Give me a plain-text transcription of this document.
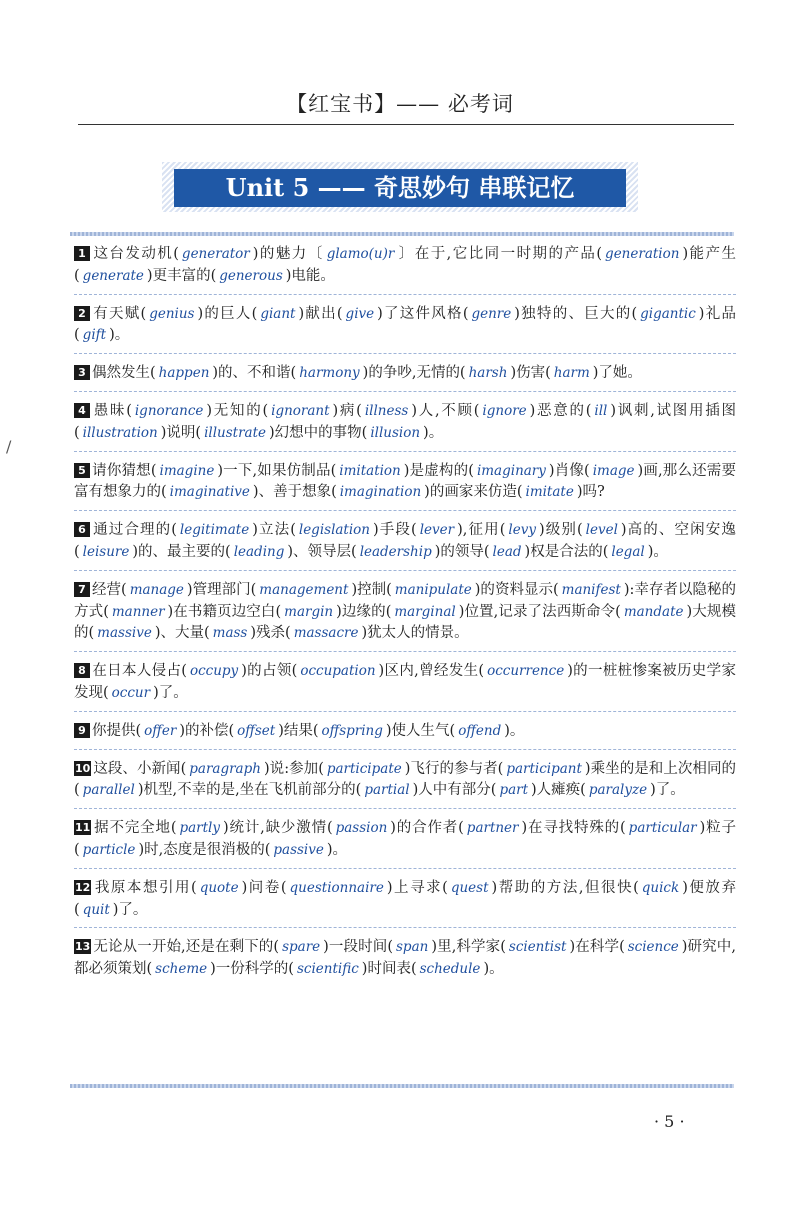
【红宝书】—— 必考词
Unit 5 —— 奇思妙句 串联记忆
/
1 这台发动机( generator )的魅力〔 glamo(u)r 〕在于,它比同一时期的产品( generation )能产生( generate )更丰富的( generous )电能。
2 有天赋( genius )的巨人( giant )献出( give )了这件风格( genre )独特的、巨大的( gigantic )礼品( gift )。
3 偶然发生( happen )的、不和谐( harmony )的争吵,无情的( harsh )伤害( harm )了她。
4 愚昧( ignorance )无知的( ignorant )病( illness )人,不顾( ignore )恶意的( ill )讽刺,试图用插图( illustration )说明( illustrate )幻想中的事物( illusion )。
5 请你猜想( imagine )一下,如果仿制品( imitation )是虚构的( imaginary )肖像( image )画,那么还需要富有想象力的( imaginative )、善于想象( imagination )的画家来仿造( imitate )吗?
6 通过合理的( legitimate )立法( legislation )手段( lever ),征用( levy )级别( level )高的、空闲安逸( leisure )的、最主要的( leading )、领导层( leadership )的领导( lead )权是合法的( legal )。
7 经营( manage )管理部门( management )控制( manipulate )的资料显示( manifest ):幸存者以隐秘的方式( manner )在书籍页边空白( margin )边缘的( marginal )位置,记录了法西斯命令( mandate )大规模的( massive )、大量( mass )残杀( massacre )犹太人的情景。
8 在日本人侵占( occupy )的占领( occupation )区内,曾经发生( occurrence )的一桩桩惨案被历史学家发现( occur )了。
9 你提供( offer )的补偿( offset )结果( offspring )使人生气( offend )。
10 这段、小新闻( paragraph )说:参加( participate )飞行的参与者( participant )乘坐的是和上次相同的( parallel )机型,不幸的是,坐在飞机前部分的( partial )人中有部分( part )人瘫痪( paralyze )了。
11 据不完全地( partly )统计,缺少激情( passion )的合作者( partner )在寻找特殊的( particular )粒子( particle )时,态度是很消极的( passive )。
12 我原本想引用( quote )问卷( questionnaire )上寻求( quest )帮助的方法,但很快( quick )便放弃( quit )了。
13 无论从一开始,还是在剩下的( spare )一段时间( span )里,科学家( scientist )在科学( science )研究中,都必须策划( scheme )一份科学的( scientific )时间表( schedule )。
· 5 ·
